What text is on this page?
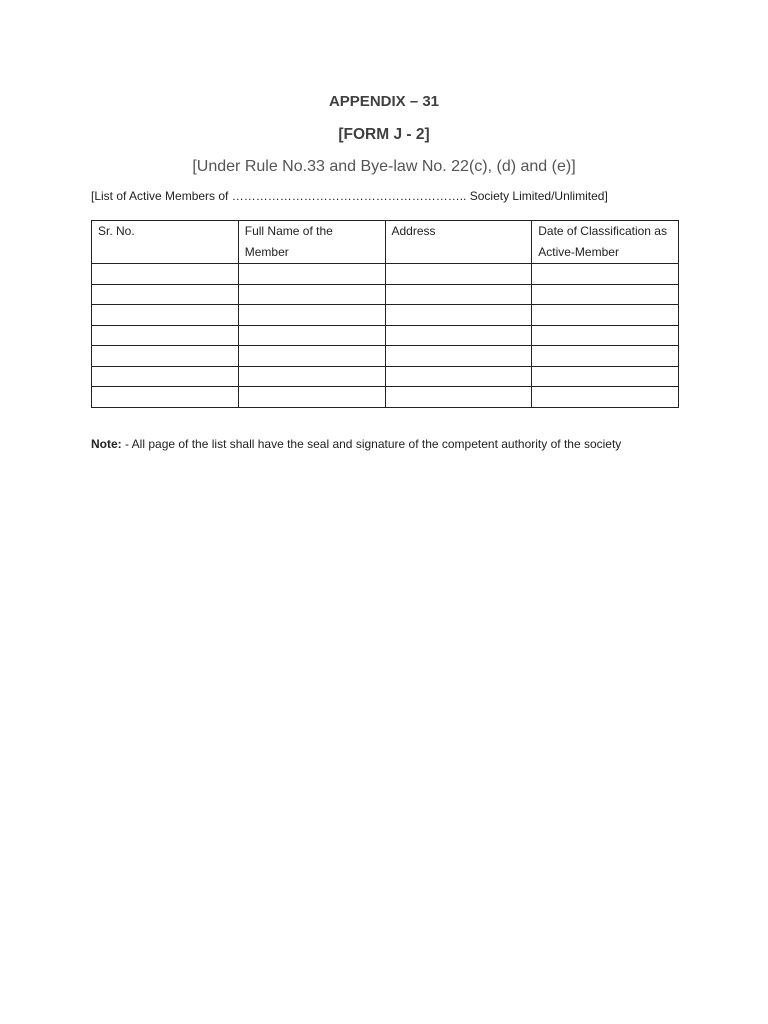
APPENDIX – 31
[FORM J - 2]
[Under Rule No.33 and Bye-law No. 22(c), (d) and (e)]
[List of Active Members of ………………………………………………….. Society Limited/Unlimited]
Sr. No.	Full Name of the Member	Address	Date of Classification as Active-Member

Note: - All page of the list shall have the seal and signature of the competent authority of the society
